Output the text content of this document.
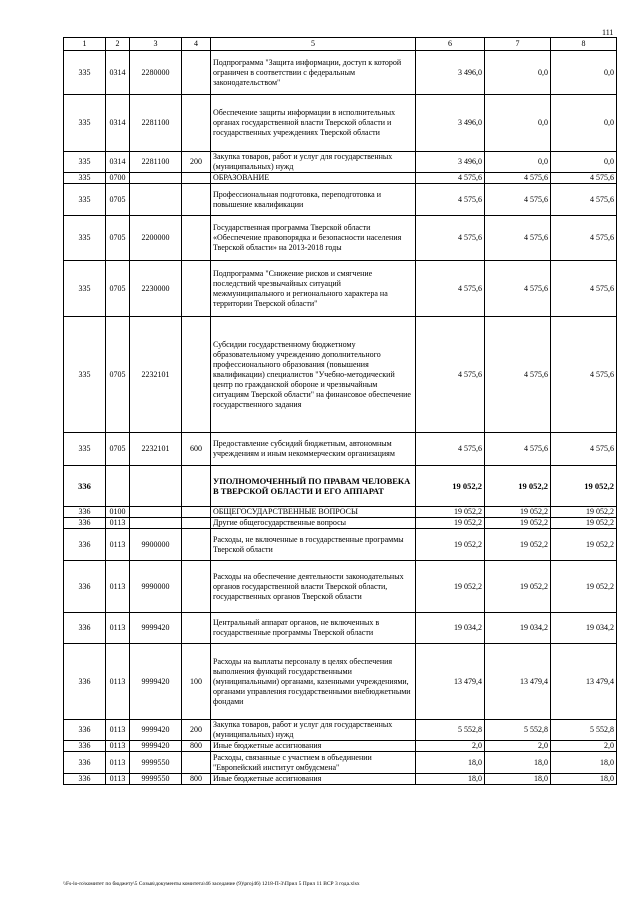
111
1	2	3	4	5	6	7	8
335	0314	2280000		Подпрограмма "Защита информации, доступ к которой ограничен в соответствии с федеральным законодательством"	3 496,0	0,0	0,0
335	0314	2281100		Обеспечение защиты информации в исполнительных органах государственной власти Тверской области и государственных учреждениях Тверской области	3 496,0	0,0	0,0
335	0314	2281100	200	Закупка товаров, работ и услуг для государственных (муниципальных) нужд	3 496,0	0,0	0,0
335	0700			ОБРАЗОВАНИЕ	4 575,6	4 575,6	4 575,6
335	0705			Профессиональная подготовка, переподготовка и повышение квалификации	4 575,6	4 575,6	4 575,6
335	0705	2200000		Государственная программа Тверской области «Обеспечение правопорядка и безопасности населения Тверской области» на 2013-2018 годы	4 575,6	4 575,6	4 575,6
335	0705	2230000		Подпрограмма "Снижение рисков и смягчение последствий чрезвычайных ситуаций межмуниципального и регионального характера на территории Тверской области"	4 575,6	4 575,6	4 575,6
335	0705	2232101		Субсидии государственному бюджетному образовательному учреждению дополнительного профессионального образования (повышения квалификации) специалистов "Учебно-методический центр по гражданской обороне и чрезвычайным ситуациям Тверской области" на финансовое обеспечение государственного задания	4 575,6	4 575,6	4 575,6
335	0705	2232101	600	Предоставление субсидий бюджетным, автономным учреждениям и иным некоммерческим организациям	4 575,6	4 575,6	4 575,6
336				УПОЛНОМОЧЕННЫЙ ПО ПРАВАМ ЧЕЛОВЕКА В ТВЕРСКОЙ ОБЛАСТИ И ЕГО АППАРАТ	19 052,2	19 052,2	19 052,2
336	0100			ОБЩЕГОСУДАРСТВЕННЫЕ ВОПРОСЫ	19 052,2	19 052,2	19 052,2
336	0113			Другие общегосударственные вопросы	19 052,2	19 052,2	19 052,2
336	0113	9900000		Расходы, не включенные в государственные программы Тверской области	19 052,2	19 052,2	19 052,2
336	0113	9990000		Расходы на обеспечение деятельности законодательных органов государственной власти Тверской области, государственных органов Тверской области	19 052,2	19 052,2	19 052,2
336	0113	9999420		Центральный аппарат органов, не включенных в государственные программы Тверской области	19 034,2	19 034,2	19 034,2
336	0113	9999420	100	Расходы на выплаты персоналу в целях обеспечения выполнения функций государственными (муниципальными) органами, казенными учреждениями, органами управления государственными внебюджетными фондами	13 479,4	13 479,4	13 479,4
336	0113	9999420	200	Закупка товаров, работ и услуг для государственных (муниципальных) нужд	5 552,8	5 552,8	5 552,8
336	0113	9999420	800	Иные бюджетные ассигнования	2,0	2,0	2,0
336	0113	9999550		Расходы, связанные с участием в объединении "Европейский институт омбудсмена"	18,0	18,0	18,0
336	0113	9999550	800	Иные бюджетные ассигнования	18,0	18,0	18,0
\\Fs-lo-ro\комитет по бюджету\5 Созыв\документы комитета\46 заседание (9)\proj46) 1218-П-3\Прил 5 Прил 11 ВСР 3 года.xlsx
